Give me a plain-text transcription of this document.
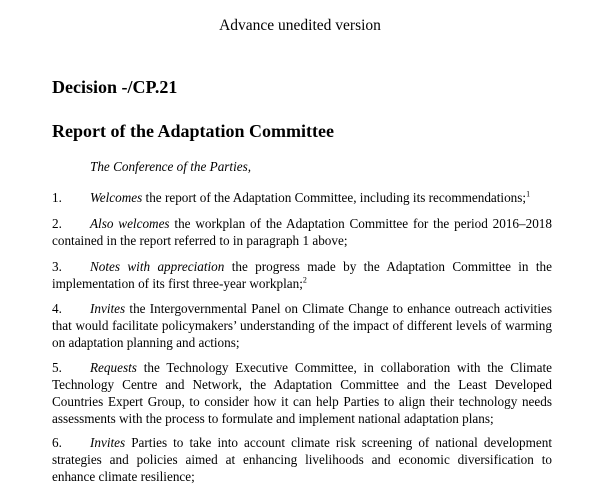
Advance unedited version
Decision -/CP.21
Report of the Adaptation Committee
The Conference of the Parties,
1. Welcomes the report of the Adaptation Committee, including its recommendations;$^1$
2. Also welcomes the workplan of the Adaptation Committee for the period 2016–2018 contained in the report referred to in paragraph 1 above;
3. Notes with appreciation the progress made by the Adaptation Committee in the implementation of its first three-year workplan;$^2$
4. Invites the Intergovernmental Panel on Climate Change to enhance outreach activities that would facilitate policymakers’ understanding of the impact of different levels of warming on adaptation planning and actions;
5. Requests the Technology Executive Committee, in collaboration with the Climate Technology Centre and Network, the Adaptation Committee and the Least Developed Countries Expert Group, to consider how it can help Parties to align their technology needs assessments with the process to formulate and implement national adaptation plans;
6. Invites Parties to take into account climate risk screening of national development strategies and policies aimed at enhancing livelihoods and economic diversification to enhance climate resilience;
